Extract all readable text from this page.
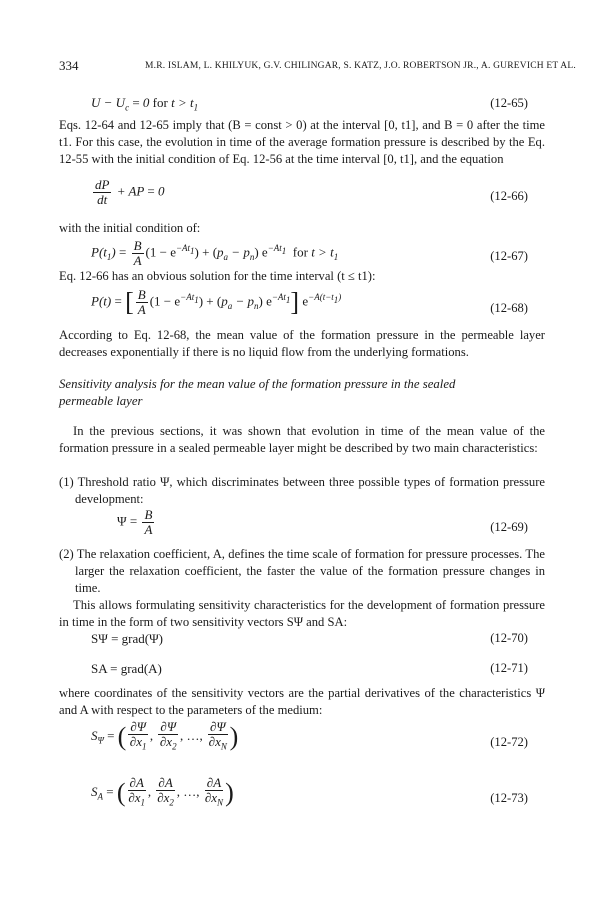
334	M.R. ISLAM, L. KHILYUK, G.V. CHILINGAR, S. KATZ, J.O. ROBERTSON JR., A. GUREVICH ET AL.
$U - U_c = 0$ for $t > t_1$	(12-65)
Eqs. 12-64 and 12-65 imply that (B = const > 0) at the interval [0, t1], and B = 0 after the time t1. For this case, the evolution in time of the average formation pressure is described by the Eq. 12-55 with the initial condition of Eq. 12-56 at the time interval [0, t1], and the equation
$\frac{dP}{dt}$ + AP = 0	(12-66)
with the initial condition of:
$P(t_1) = \frac{B}{A} (1 - e^{-At_1}) + (p_a - p_n)$ $e^{-At_1}$ for $t > t_1$	(12-67)
Eq. 12-66 has an obvious solution for the time interval (t ≤ t1):
P(t) = [ $\frac{B}{A} (1 - e^{-At_1}) + (p_a - p_n)$ $e^{-At_1}$] $e^{-A(t-t_1)}$
(12-68)
According to Eq. 12-68, the mean value of the formation pressure in the permeable layer decreases exponentially if there is no liquid flow from the underlying formations.
Sensitivity analysis for the mean value of the formation pressure in the sealed permeable layer
In the previous sections, it was shown that evolution in time of the mean value of the formation pressure in a sealed permeable layer might be described by two main characteristics:
(1) Threshold ratio Ψ, which discriminates between three possible types of formation pressure development:
$\Psi = \frac{B}{A}$	(12-69)
(2) The relaxation coefficient, A, defines the time scale of formation for pressure processes. The larger the relaxation coefficient, the faster the value of the formation pressure changes in time.
This allows formulating sensitivity characteristics for the development of formation pressure in time in the form of two sensitivity vectors SΨ and SA:
SΨ = grad(Ψ)	(12-70)
SA = grad(A)	(12-71)
where coordinates of the sensitivity vectors are the partial derivatives of the characteristics Ψ and A with respect to the parameters of the medium:
$S_\Psi$ = ( $\frac{\partial\Psi}{\partial x_1}$ , $\frac{\partial\Psi}{\partial x_2}$ , …, $\frac{\partial\Psi}{\partial x_N}$ )	(12-72)
$S_A$ = ( $\frac{\partial A}{\partial x_1}$ , $\frac{\partial A}{\partial x_2}$ , …, $\frac{\partial A}{\partial x_N}$ )	(12-73)
